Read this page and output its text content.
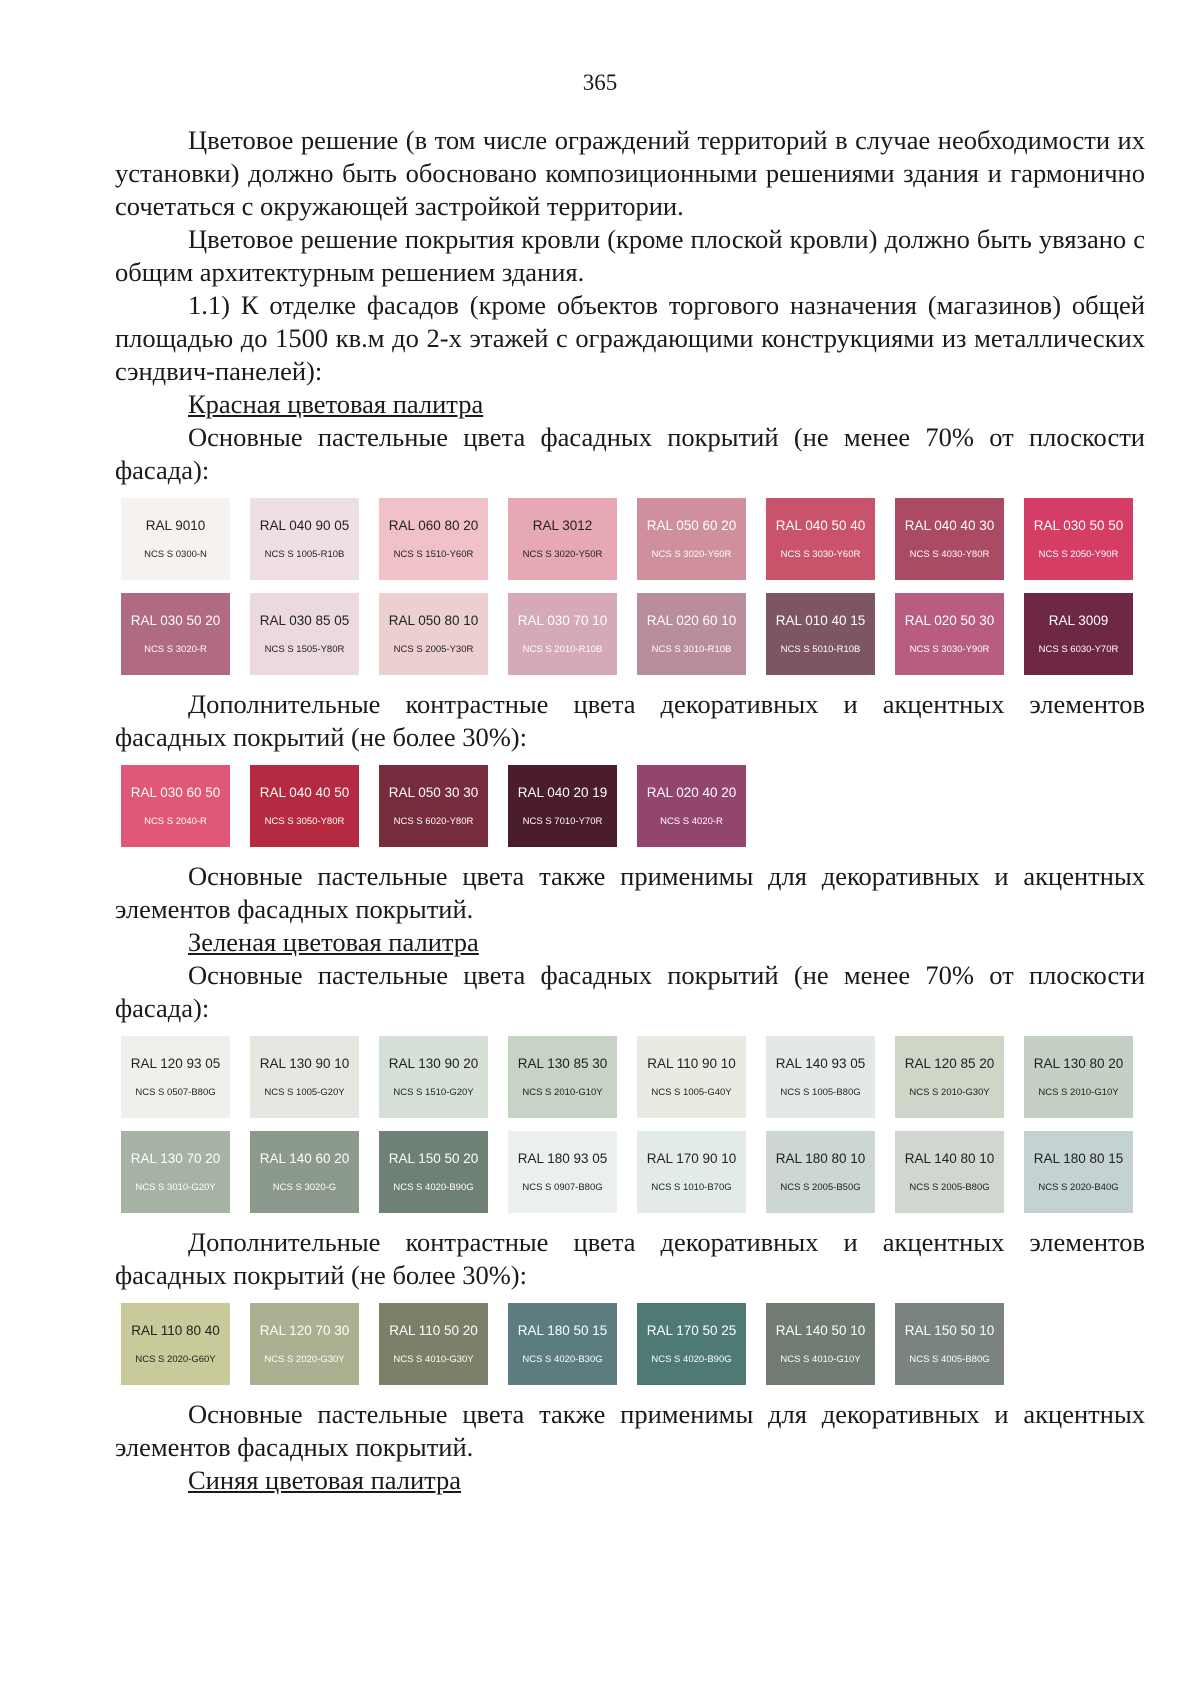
365

Цветовое решение (в том числе ограждений территорий в случае необходимости их установки) должно быть обосновано композиционными решениями здания и гармонично сочетаться с окружающей застройкой территории.

Цветовое решение покрытия кровли (кроме плоской кровли) должно быть увязано с общим архитектурным решением здания.

1.1) К отделке фасадов (кроме объектов торгового назначения (магазинов) общей площадью до 1500 кв.м до 2-х этажей с ограждающими конструкциями из металлических сэндвич-панелей):

Красная цветовая палитра

Основные пастельные цвета фасадных покрытий (не менее 70% от плоскости фасада):

RAL 9010
NCS S 0300-N
RAL 040 90 05
NCS S 1005-R10B
RAL 060 80 20
NCS S 1510-Y60R
RAL 3012
NCS S 3020-Y50R
RAL 050 60 20
NCS S 3020-Y60R
RAL 040 50 40
NCS S 3030-Y60R
RAL 040 40 30
NCS S 4030-Y80R
RAL 030 50 50
NCS S 2050-Y90R
RAL 030 50 20
NCS S 3020-R
RAL 030 85 05
NCS S 1505-Y80R
RAL 050 80 10
NCS S 2005-Y30R
RAL 030 70 10
NCS S 2010-R10B
RAL 020 60 10
NCS S 3010-R10B
RAL 010 40 15
NCS S 5010-R10B
RAL 020 50 30
NCS S 3030-Y90R
RAL 3009
NCS S 6030-Y70R

Дополнительные контрастные цвета декоративных и акцентных элементов фасадных покрытий (не более 30%):

RAL 030 60 50
NCS S 2040-R
RAL 040 40 50
NCS S 3050-Y80R
RAL 050 30 30
NCS S 6020-Y80R
RAL 040 20 19
NCS S 7010-Y70R
RAL 020 40 20
NCS S 4020-R

Основные пастельные цвета также применимы для декоративных и акцентных элементов фасадных покрытий.

Зеленая цветовая палитра

Основные пастельные цвета фасадных покрытий (не менее 70% от плоскости фасада):

RAL 120 93 05
NCS S 0507-B80G
RAL 130 90 10
NCS S 1005-G20Y
RAL 130 90 20
NCS S 1510-G20Y
RAL 130 85 30
NCS S 2010-G10Y
RAL 110 90 10
NCS S 1005-G40Y
RAL 140 93 05
NCS S 1005-B80G
RAL 120 85 20
NCS S 2010-G30Y
RAL 130 80 20
NCS S 2010-G10Y
RAL 130 70 20
NCS S 3010-G20Y
RAL 140 60 20
NCS S 3020-G
RAL 150 50 20
NCS S 4020-B90G
RAL 180 93 05
NCS S 0907-B80G
RAL 170 90 10
NCS S 1010-B70G
RAL 180 80 10
NCS S 2005-B50G
RAL 140 80 10
NCS S 2005-B80G
RAL 180 80 15
NCS S 2020-B40G

Дополнительные контрастные цвета декоративных и акцентных элементов фасадных покрытий (не более 30%):

RAL 110 80 40
NCS S 2020-G60Y
RAL 120 70 30
NCS S 2020-G30Y
RAL 110 50 20
NCS S 4010-G30Y
RAL 180 50 15
NCS S 4020-B30G
RAL 170 50 25
NCS S 4020-B90G
RAL 140 50 10
NCS S 4010-G10Y
RAL 150 50 10
NCS S 4005-B80G

Основные пастельные цвета также применимы для декоративных и акцентных элементов фасадных покрытий.

Синяя цветовая палитра
